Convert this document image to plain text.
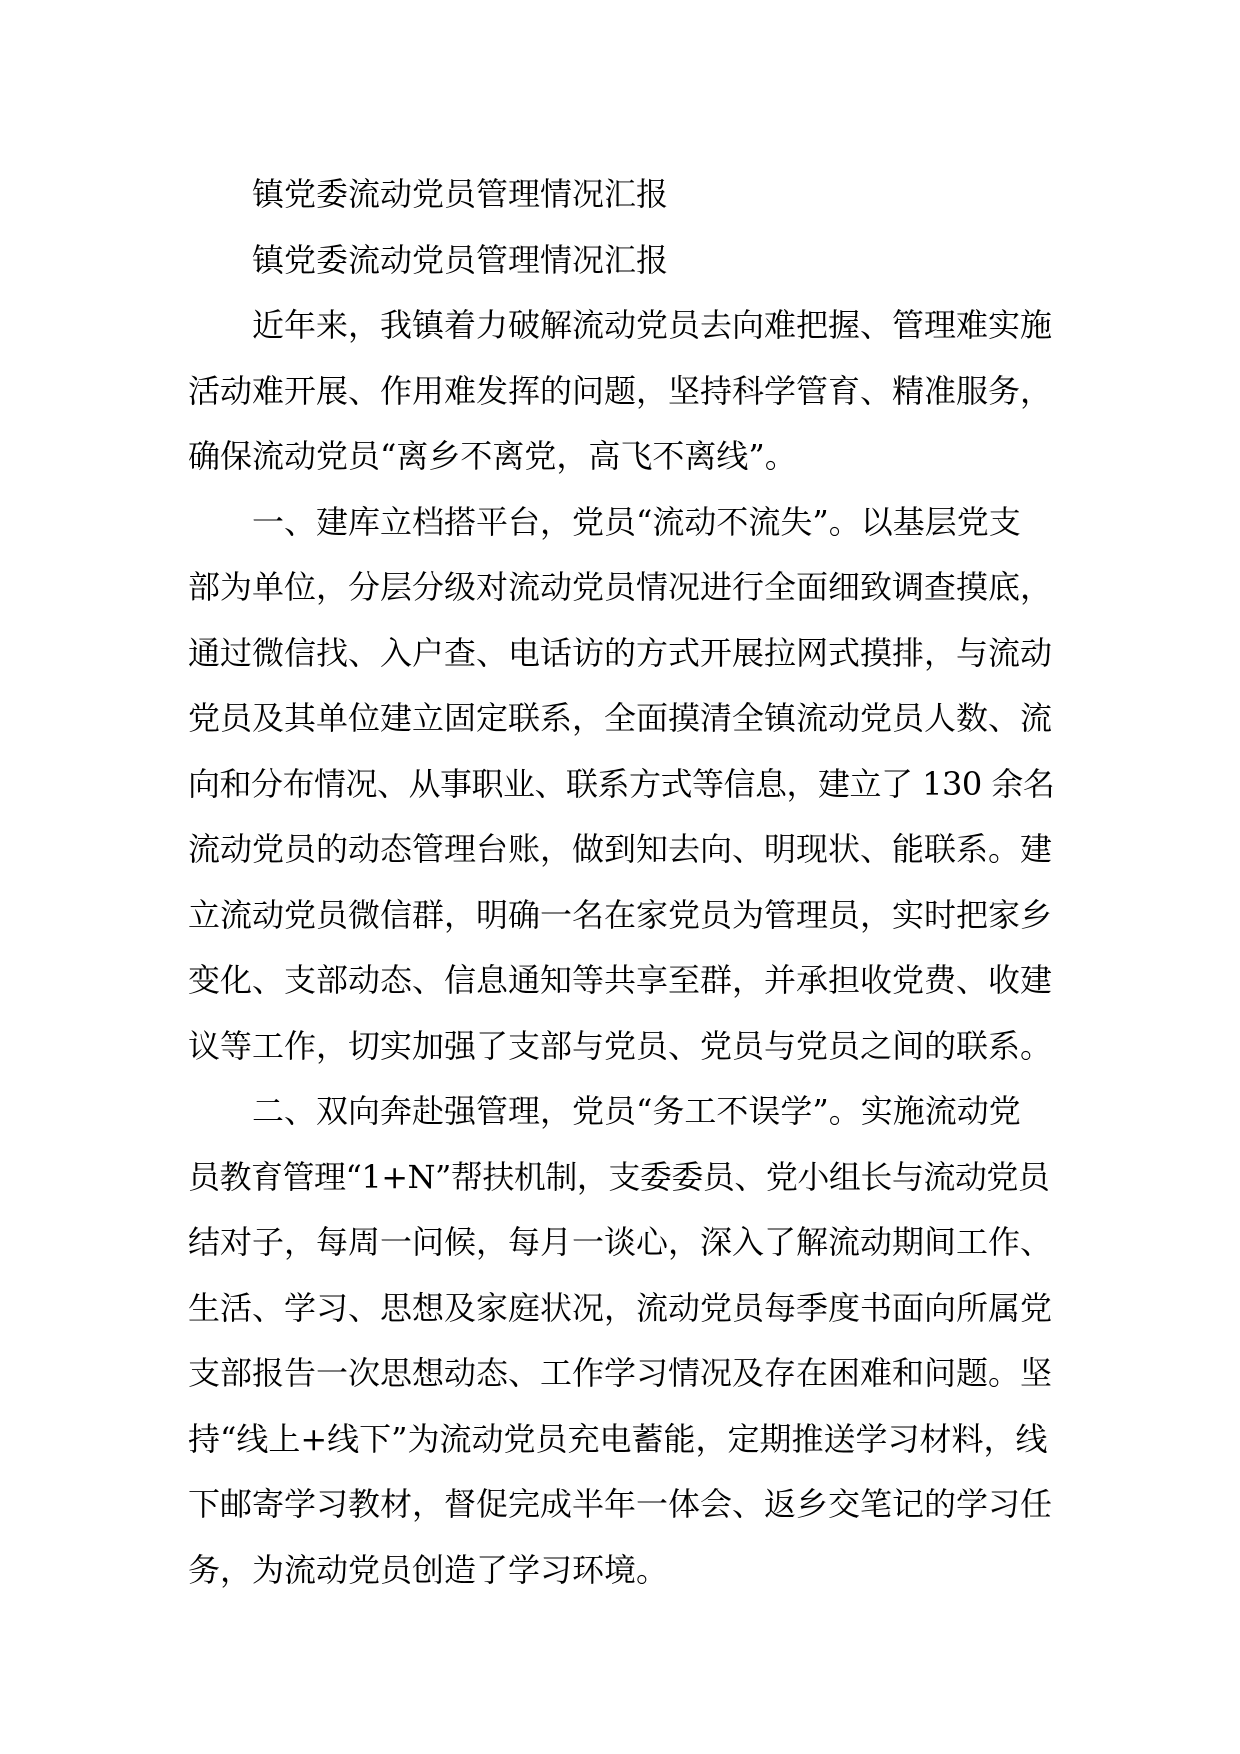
镇党委流动党员管理情况汇报

镇党委流动党员管理情况汇报

近年来，我镇着力破解流动党员去向难把握、管理难实施
活动难开展、作用难发挥的问题，坚持科学管育、精准服务，
确保流动党员“离乡不离党，高飞不离线”。
一、建库立档搭平台，党员“流动不流失”。以基层党支
部为单位，分层分级对流动党员情况进行全面细致调查摸底，
通过微信找、入户查、电话访的方式开展拉网式摸排，与流动
党员及其单位建立固定联系，全面摸清全镇流动党员人数、流
向和分布情况、从事职业、联系方式等信息，建立了 130 余名
流动党员的动态管理台账，做到知去向、明现状、能联系。建
立流动党员微信群，明确一名在家党员为管理员，实时把家乡
变化、支部动态、信息通知等共享至群，并承担收党费、收建
议等工作，切实加强了支部与党员、党员与党员之间的联系。
二、双向奔赴强管理，党员“务工不误学”。实施流动党
员教育管理“1+N”帮扶机制，支委委员、党小组长与流动党员
结对子，每周一问候，每月一谈心，深入了解流动期间工作、
生活、学习、思想及家庭状况，流动党员每季度书面向所属党
支部报告一次思想动态、工作学习情况及存在困难和问题。坚
持“线上+线下”为流动党员充电蓄能，定期推送学习材料，线
下邮寄学习教材，督促完成半年一体会、返乡交笔记的学习任
务，为流动党员创造了学习环境。
